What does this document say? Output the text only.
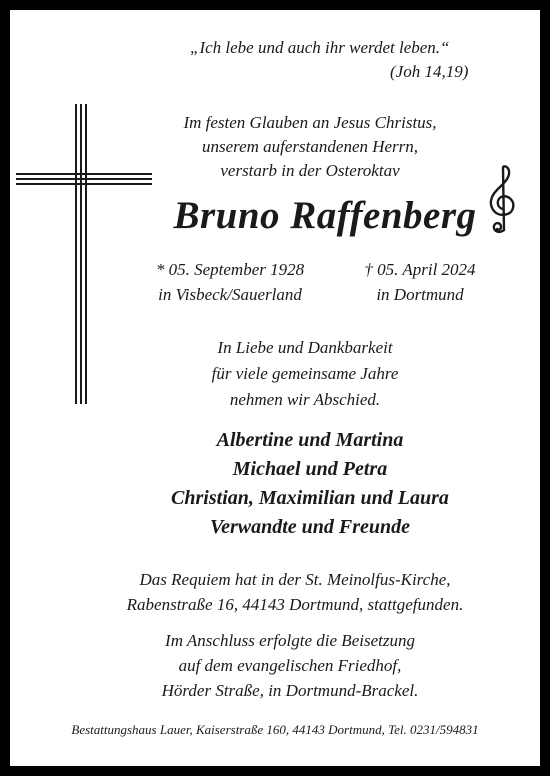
„Ich lebe und auch ihr werdet leben.“
(Joh 14,19)
Im festen Glauben an Jesus Christus,
unserem auferstandenen Herrn,
verstarb in der Osteroktav
Bruno Raffenberg
* 05. September 1928
in Visbeck/Sauerland
† 05. April 2024
in Dortmund
In Liebe und Dankbarkeit
für viele gemeinsame Jahre
nehmen wir Abschied.
Albertine und Martina
Michael und Petra
Christian, Maximilian und Laura
Verwandte und Freunde
Das Requiem hat in der St. Meinolfus-Kirche,
Rabenstraße 16, 44143 Dortmund, stattgefunden.
Im Anschluss erfolgte die Beisetzung
auf dem evangelischen Friedhof,
Hörder Straße, in Dortmund-Brackel.
Bestattungshaus Lauer, Kaiserstraße 160, 44143 Dortmund, Tel. 0231/594831
